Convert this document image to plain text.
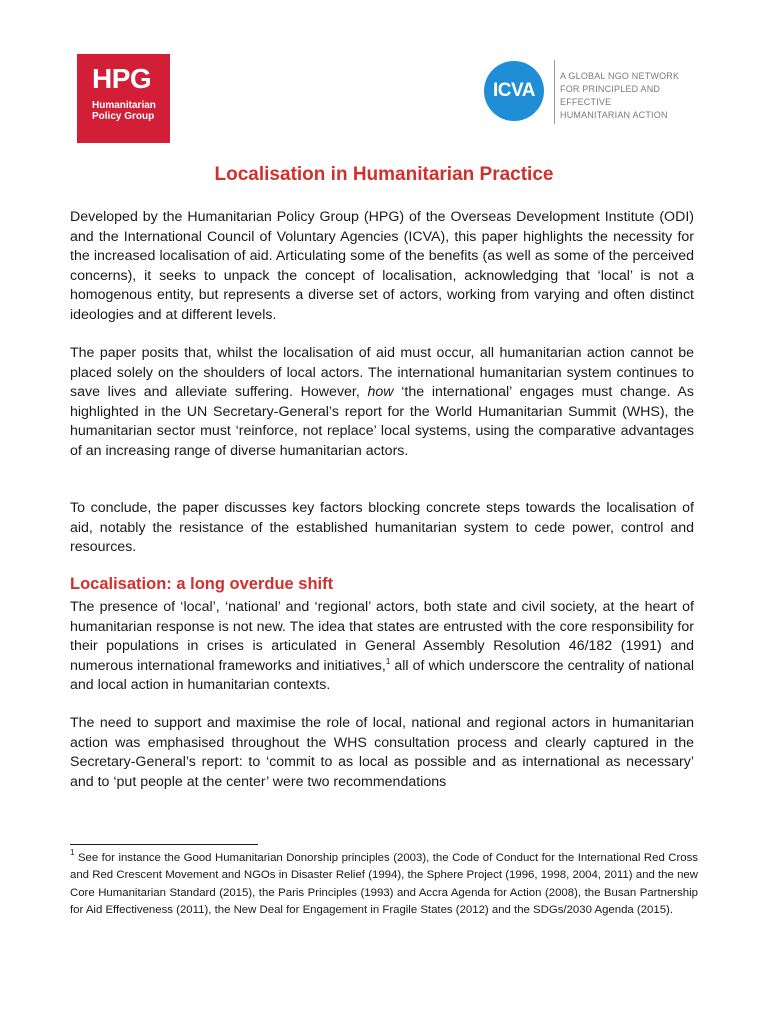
HPG
Humanitarian
Policy Group
ICVA
A GLOBAL NGO NETWORK
FOR PRINCIPLED AND EFFECTIVE
HUMANITARIAN ACTION
Localisation in Humanitarian Practice

Developed by the Humanitarian Policy Group (HPG) of the Overseas Development Institute (ODI) and the International Council of Voluntary Agencies (ICVA), this paper highlights the necessity for the increased localisation of aid. Articulating some of the benefits (as well as some of the perceived concerns), it seeks to unpack the concept of localisation, acknowledging that ‘local’ is not a homogenous entity, but represents a diverse set of actors, working from varying and often distinct ideologies and at different levels.

The paper posits that, whilst the localisation of aid must occur, all humanitarian action cannot be placed solely on the shoulders of local actors. The international humanitarian system continues to save lives and alleviate suffering. However, how ‘the international’ engages must change. As highlighted in the UN Secretary-General’s report for the World Humanitarian Summit (WHS), the humanitarian sector must ‘reinforce, not replace’ local systems, using the comparative advantages of an increasing range of diverse humanitarian actors.

To conclude, the paper discusses key factors blocking concrete steps towards the localisation of aid, notably the resistance of the established humanitarian system to cede power, control and resources.

Localisation: a long overdue shift

The presence of ‘local’, ‘national’ and ‘regional’ actors, both state and civil society, at the heart of humanitarian response is not new. The idea that states are entrusted with the core responsibility for their populations in crises is articulated in General Assembly Resolution 46/182 (1991) and numerous international frameworks and initiatives,$^1$ all of which underscore the centrality of national and local action in humanitarian contexts.

The need to support and maximise the role of local, national and regional actors in humanitarian action was emphasised throughout the WHS consultation process and clearly captured in the Secretary-General’s report: to ‘commit to as local as possible and as international as necessary’ and to ‘put people at the center’ were two recommendations

$^1$ See for instance the Good Humanitarian Donorship principles (2003), the Code of Conduct for the International Red Cross and Red Crescent Movement and NGOs in Disaster Relief (1994), the Sphere Project (1996, 1998, 2004, 2011) and the new Core Humanitarian Standard (2015), the Paris Principles (1993) and Accra Agenda for Action (2008), the Busan Partnership for Aid Effectiveness (2011), the New Deal for Engagement in Fragile States (2012) and the SDGs/2030 Agenda (2015).
